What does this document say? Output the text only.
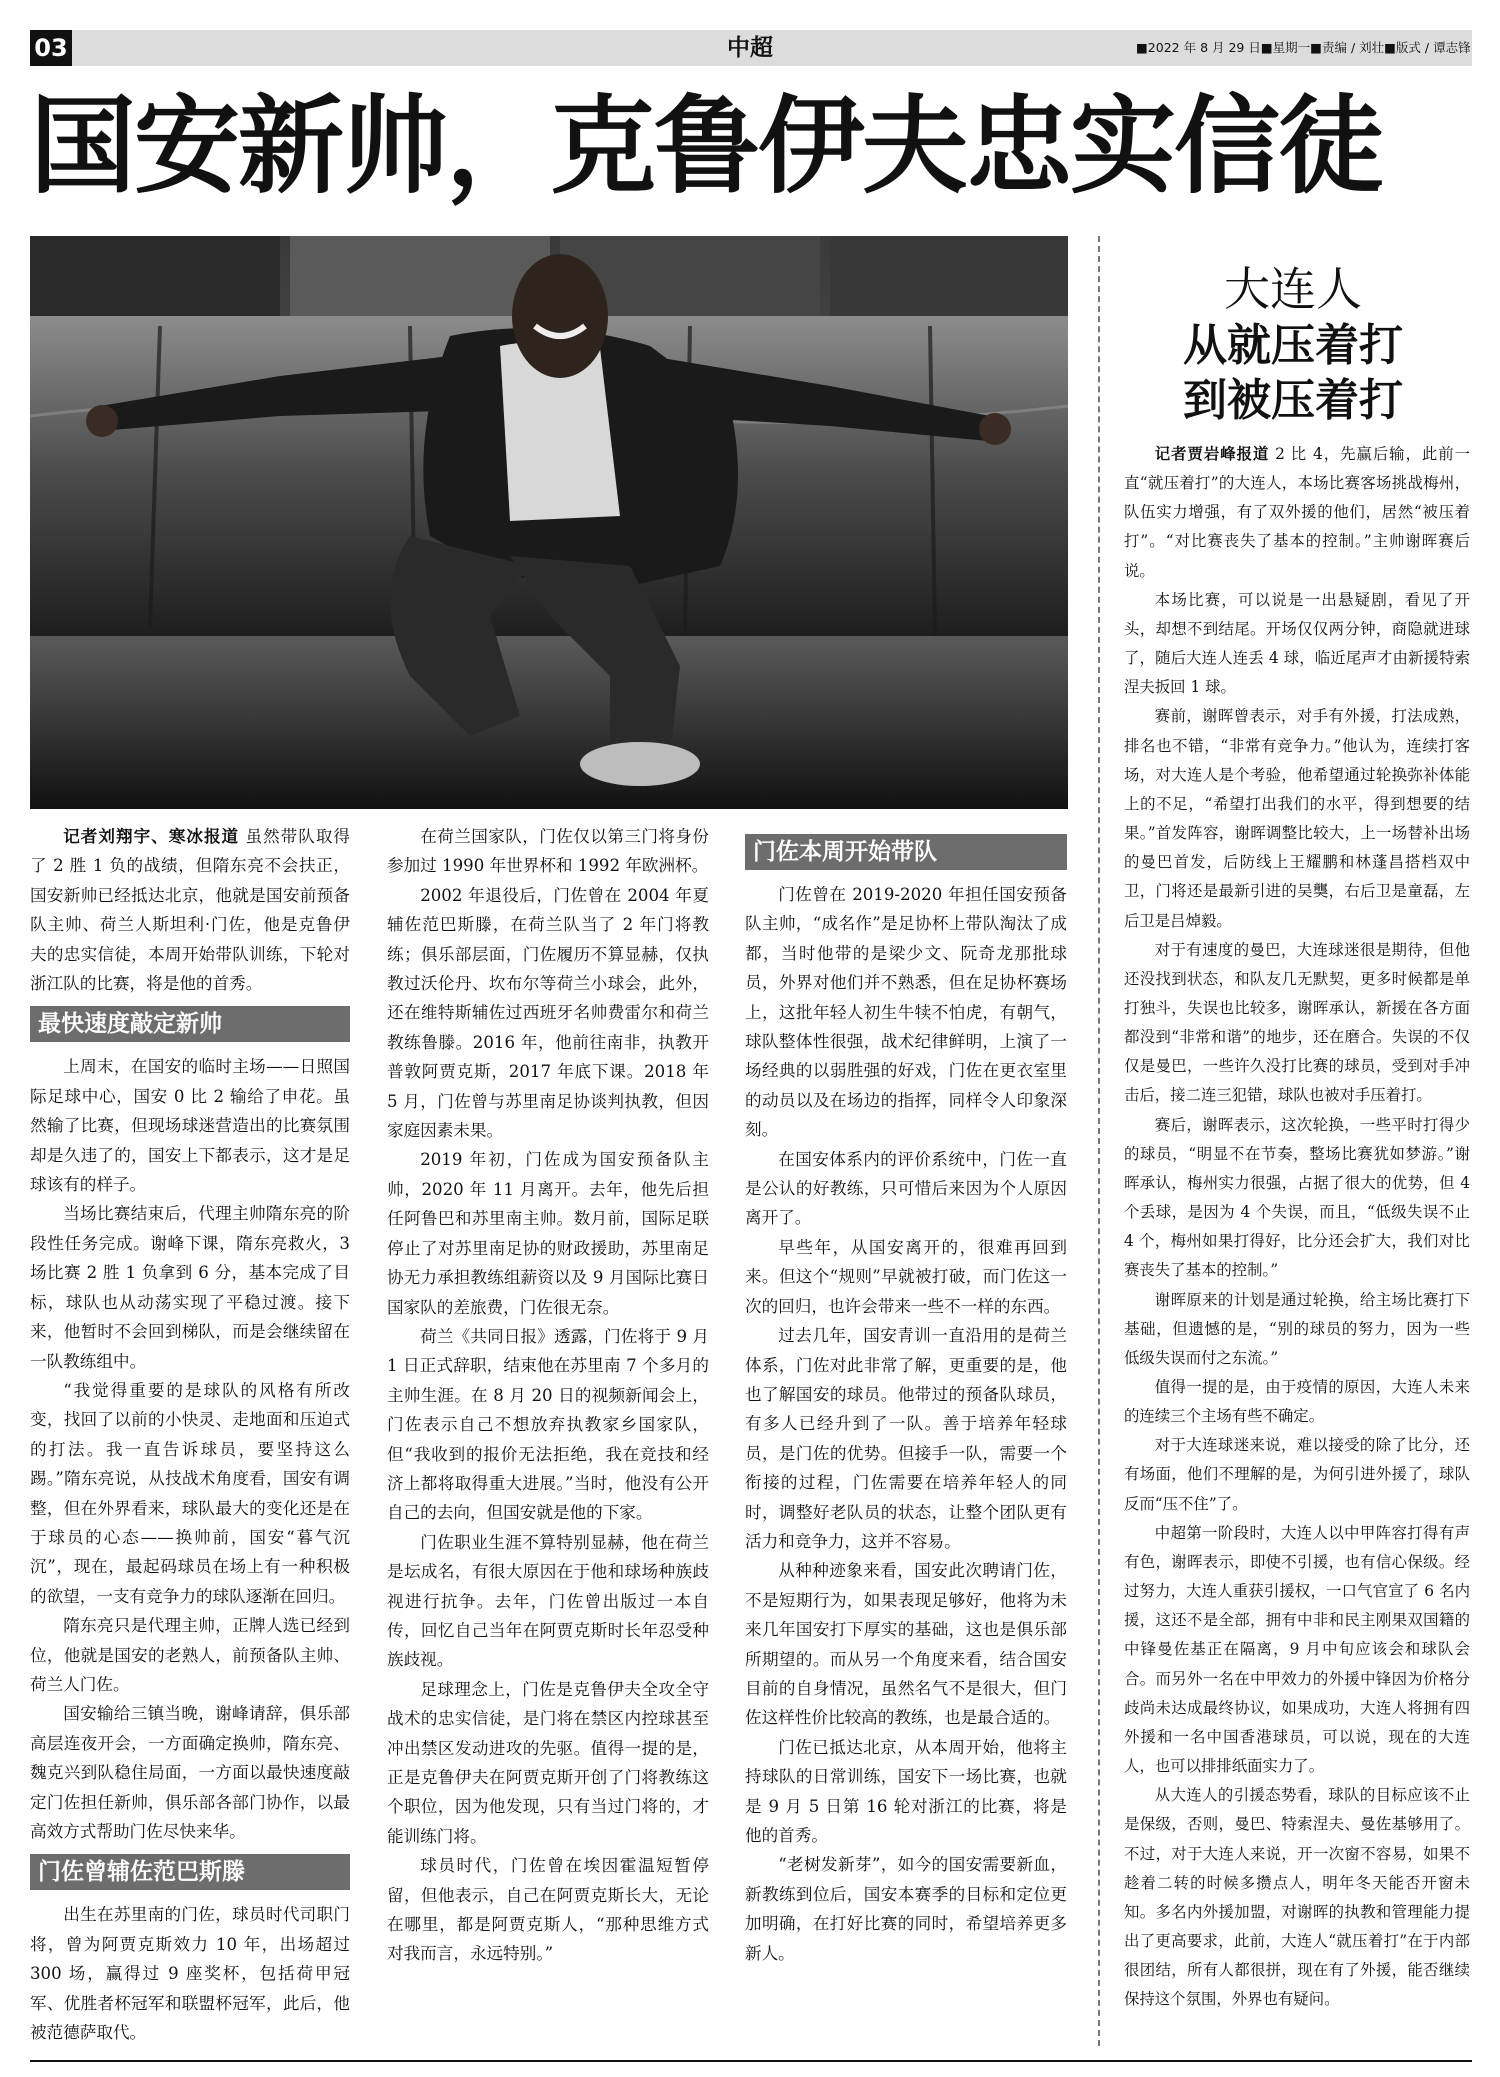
03	中超	■2022 年 8 月 29 日■星期一■责编 / 刘壮■版式 / 谭志锋
国安新帅，克鲁伊夫忠实信徒

记者刘翔宇、寒冰报道 虽然带队取得了 2 胜 1 负的战绩，但隋东亮不会扶正，国安新帅已经抵达北京，他就是国安前预备队主帅、荷兰人斯坦利·门佐，他是克鲁伊夫的忠实信徒，本周开始带队训练，下轮对浙江队的比赛，将是他的首秀。

最快速度敲定新帅

上周末，在国安的临时主场——日照国际足球中心，国安 0 比 2 输给了申花。虽然输了比赛，但现场球迷营造出的比赛氛围却是久违了的，国安上下都表示，这才是足球该有的样子。

当场比赛结束后，代理主帅隋东亮的阶段性任务完成。谢峰下课，隋东亮救火，3 场比赛 2 胜 1 负拿到 6 分，基本完成了目标，球队也从动荡实现了平稳过渡。接下来，他暂时不会回到梯队，而是会继续留在一队教练组中。

“我觉得重要的是球队的风格有所改变，找回了以前的小快灵、走地面和压迫式的打法。我一直告诉球员，要坚持这么踢。”隋东亮说，从技战术角度看，国安有调整，但在外界看来，球队最大的变化还是在于球员的心态——换帅前，国安“暮气沉沉”，现在，最起码球员在场上有一种积极的欲望，一支有竞争力的球队逐渐在回归。

隋东亮只是代理主帅，正牌人选已经到位，他就是国安的老熟人，前预备队主帅、荷兰人门佐。

国安输给三镇当晚，谢峰请辞，俱乐部高层连夜开会，一方面确定换帅，隋东亮、魏克兴到队稳住局面，一方面以最快速度敲定门佐担任新帅，俱乐部各部门协作，以最高效方式帮助门佐尽快来华。

门佐曾辅佐范巴斯滕

出生在苏里南的门佐，球员时代司职门将，曾为阿贾克斯效力 10 年，出场超过 300 场，赢得过 9 座奖杯，包括荷甲冠军、优胜者杯冠军和联盟杯冠军，此后，他被范德萨取代。

在荷兰国家队，门佐仅以第三门将身份参加过 1990 年世界杯和 1992 年欧洲杯。

2002 年退役后，门佐曾在 2004 年夏辅佐范巴斯滕，在荷兰队当了 2 年门将教练；俱乐部层面，门佐履历不算显赫，仅执教过沃伦丹、坎布尔等荷兰小球会，此外，还在维特斯辅佐过西班牙名帅费雷尔和荷兰教练鲁滕。2016 年，他前往南非，执教开普敦阿贾克斯，2017 年底下课。2018 年 5 月，门佐曾与苏里南足协谈判执教，但因家庭因素未果。

2019 年初，门佐成为国安预备队主帅，2020 年 11 月离开。去年，他先后担任阿鲁巴和苏里南主帅。数月前，国际足联停止了对苏里南足协的财政援助，苏里南足协无力承担教练组薪资以及 9 月国际比赛日国家队的差旅费，门佐很无奈。

荷兰《共同日报》透露，门佐将于 9 月 1 日正式辞职，结束他在苏里南 7 个多月的主帅生涯。在 8 月 20 日的视频新闻会上，门佐表示自己不想放弃执教家乡国家队，但“我收到的报价无法拒绝，我在竞技和经济上都将取得重大进展。”当时，他没有公开自己的去向，但国安就是他的下家。

门佐职业生涯不算特别显赫，他在荷兰是坛成名，有很大原因在于他和球场种族歧视进行抗争。去年，门佐曾出版过一本自传，回忆自己当年在阿贾克斯时长年忍受种族歧视。

足球理念上，门佐是克鲁伊夫全攻全守战术的忠实信徒，是门将在禁区内控球甚至冲出禁区发动进攻的先驱。值得一提的是，正是克鲁伊夫在阿贾克斯开创了门将教练这个职位，因为他发现，只有当过门将的，才能训练门将。

球员时代，门佐曾在埃因霍温短暂停留，但他表示，自己在阿贾克斯长大，无论在哪里，都是阿贾克斯人，“那种思维方式对我而言，永远特别。”

门佐本周开始带队

门佐曾在 2019-2020 年担任国安预备队主帅，“成名作”是足协杯上带队淘汰了成都，当时他带的是梁少文、阮奇龙那批球员，外界对他们并不熟悉，但在足协杯赛场上，这批年轻人初生牛犊不怕虎，有朝气，球队整体性很强，战术纪律鲜明，上演了一场经典的以弱胜强的好戏，门佐在更衣室里的动员以及在场边的指挥，同样令人印象深刻。

在国安体系内的评价系统中，门佐一直是公认的好教练，只可惜后来因为个人原因离开了。

早些年，从国安离开的，很难再回到来。但这个“规则”早就被打破，而门佐这一次的回归，也许会带来一些不一样的东西。

过去几年，国安青训一直沿用的是荷兰体系，门佐对此非常了解，更重要的是，他也了解国安的球员。他带过的预备队球员，有多人已经升到了一队。善于培养年轻球员，是门佐的优势。但接手一队，需要一个衔接的过程，门佐需要在培养年轻人的同时，调整好老队员的状态，让整个团队更有活力和竞争力，这并不容易。

从种种迹象来看，国安此次聘请门佐，不是短期行为，如果表现足够好，他将为未来几年国安打下厚实的基础，这也是俱乐部所期望的。而从另一个角度来看，结合国安目前的自身情况，虽然名气不是很大，但门佐这样性价比较高的教练，也是最合适的。

门佐已抵达北京，从本周开始，他将主持球队的日常训练，国安下一场比赛，也就是 9 月 5 日第 16 轮对浙江的比赛，将是他的首秀。

“老树发新芽”，如今的国安需要新血，新教练到位后，国安本赛季的目标和定位更加明确，在打好比赛的同时，希望培养更多新人。

大连人
从就压着打
到被压着打

记者贾岩峰报道 2 比 4，先赢后输，此前一直“就压着打”的大连人，本场比赛客场挑战梅州，队伍实力增强，有了双外援的他们，居然“被压着打”。“对比赛丧失了基本的控制。”主帅谢晖赛后说。

本场比赛，可以说是一出悬疑剧，看见了开头，却想不到结尾。开场仅仅两分钟，商隐就进球了，随后大连人连丢 4 球，临近尾声才由新援特索涅夫扳回 1 球。

赛前，谢晖曾表示，对手有外援，打法成熟，排名也不错，“非常有竞争力。”他认为，连续打客场，对大连人是个考验，他希望通过轮换弥补体能上的不足，“希望打出我们的水平，得到想要的结果。”首发阵容，谢晖调整比较大，上一场替补出场的曼巴首发，后防线上王耀鹏和林蓬昌搭档双中卫，门将还是最新引进的吴龑，右后卫是童磊，左后卫是吕焯毅。

对于有速度的曼巴，大连球迷很是期待，但他还没找到状态，和队友几无默契，更多时候都是单打独斗，失误也比较多，谢晖承认，新援在各方面都没到“非常和谐”的地步，还在磨合。失误的不仅仅是曼巴，一些许久没打比赛的球员，受到对手冲击后，接二连三犯错，球队也被对手压着打。

赛后，谢晖表示，这次轮换，一些平时打得少的球员，“明显不在节奏，整场比赛犹如梦游。”谢晖承认，梅州实力很强，占据了很大的优势，但 4 个丢球，是因为 4 个失误，而且，“低级失误不止 4 个，梅州如果打得好，比分还会扩大，我们对比赛丧失了基本的控制。”

谢晖原来的计划是通过轮换，给主场比赛打下基础，但遗憾的是，“别的球员的努力，因为一些低级失误而付之东流。”

值得一提的是，由于疫情的原因，大连人未来的连续三个主场有些不确定。

对于大连球迷来说，难以接受的除了比分，还有场面，他们不理解的是，为何引进外援了，球队反而“压不住”了。

中超第一阶段时，大连人以中甲阵容打得有声有色，谢晖表示，即使不引援，也有信心保级。经过努力，大连人重获引援权，一口气官宣了 6 名内援，这还不是全部，拥有中非和民主刚果双国籍的中锋曼佐基正在隔离，9 月中旬应该会和球队会合。而另外一名在中甲效力的外援中锋因为价格分歧尚未达成最终协议，如果成功，大连人将拥有四外援和一名中国香港球员，可以说，现在的大连人，也可以排排纸面实力了。

从大连人的引援态势看，球队的目标应该不止是保级，否则，曼巴、特索涅夫、曼佐基够用了。不过，对于大连人来说，开一次窗不容易，如果不趁着二转的时候多攒点人，明年冬天能否开窗未知。多名内外援加盟，对谢晖的执教和管理能力提出了更高要求，此前，大连人“就压着打”在于内部很团结，所有人都很拼，现在有了外援，能否继续保持这个氛围，外界也有疑问。
